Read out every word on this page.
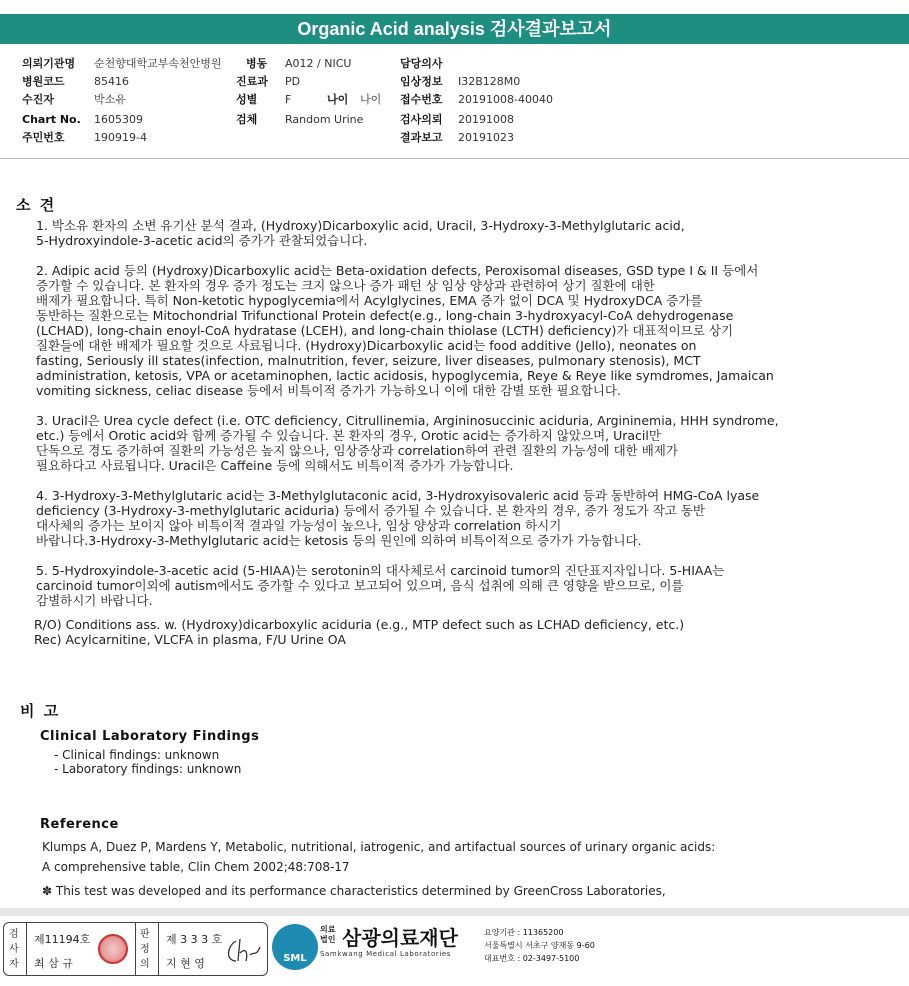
Organic Acid analysis 검사결과보고서
의뢰기관명 순천향대학교부속천안병원 병동 A012 / NICU	담당의사
병원코드	85416	진료과 PD	임상정보 I32B128M0
수진자	박소유	성별	F	나이 나이 접수번호 20191008-40040
Chart No. 1605309	검체	Random Urine	검사의뢰 20191008
주민번호	190919-4	결과보고 20191023
소 견

1. 박소유 환자의 소변 유기산 분석 결과, (Hydroxy)Dicarboxylic acid, Uracil, 3-Hydroxy-3-Methylglutaric acid,
5-Hydroxyindole-3-acetic acid의 증가가 관찰되었습니다.

2. Adipic acid 등의 (Hydroxy)Dicarboxylic acid는 Beta-oxidation defects, Peroxisomal diseases, GSD type I & II 등에서
증가할 수 있습니다. 본 환자의 경우 증가 정도는 크지 않으나 증가 패턴 상 임상 양상과 관련하여 상기 질환에 대한
배제가 필요합니다. 특히 Non-ketotic hypoglycemia에서 Acylglycines, EMA 증가 없이 DCA 및 HydroxyDCA 증가를
동반하는 질환으로는 Mitochondrial Trifunctional Protein defect(e.g., long-chain 3-hydroxyacyl-CoA dehydrogenase
(LCHAD), long-chain enoyl-CoA hydratase (LCEH), and long-chain thiolase (LCTH) deficiency)가 대표적이므로 상기
질환들에 대한 배제가 필요할 것으로 사료됩니다. (Hydroxy)Dicarboxylic acid는 food additive (Jello), neonates on
fasting, Seriously ill states(infection, malnutrition, fever, seizure, liver diseases, pulmonary stenosis), MCT
administration, ketosis, VPA or acetaminophen, lactic acidosis, hypoglycemia, Reye & Reye like symdromes, Jamaican
vomiting sickness, celiac disease 등에서 비특이적 증가가 가능하오니 이에 대한 감별 또한 필요합니다.

3. Uracil은 Urea cycle defect (i.e. OTC deficiency, Citrullinemia, Argininosuccinic aciduria, Argininemia, HHH syndrome,
etc.) 등에서 Orotic acid와 함께 증가될 수 있습니다. 본 환자의 경우, Orotic acid는 증가하지 않았으며, Uracil만
단독으로 경도 증가하여 질환의 가능성은 높지 않으나, 임상증상과 correlation하여 관련 질환의 가능성에 대한 배제가
필요하다고 사료됩니다. Uracil은 Caffeine 등에 의해서도 비특이적 증가가 가능합니다.

4. 3-Hydroxy-3-Methylglutaric acid는 3-Methylglutaconic acid, 3-Hydroxyisovaleric acid 등과 동반하여 HMG-CoA lyase
deficiency (3-Hydroxy-3-methylglutaric aciduria) 등에서 증가될 수 있습니다. 본 환자의 경우, 증가 정도가 작고 동반
대사체의 증가는 보이지 않아 비특이적 결과일 가능성이 높으나, 임상 양상과 correlation 하시기
바랍니다.3-Hydroxy-3-Methylglutaric acid는 ketosis 등의 원인에 의하여 비특이적으로 증가가 가능합니다.

5. 5-Hydroxyindole-3-acetic acid (5-HIAA)는 serotonin의 대사체로서 carcinoid tumor의 진단표지자입니다. 5-HIAA는
carcinoid tumor이외에 autism에서도 증가할 수 있다고 보고되어 있으며, 음식 섭취에 의해 큰 영향을 받으므로, 이를
감별하시기 바랍니다.

R/O) Conditions ass. w. (Hydroxy)dicarboxylic aciduria (e.g., MTP defect such as LCHAD deficiency, etc.)
Rec) Acylcarnitine, VLCFA in plasma, F/U Urine OA
비 고
Clinical Laboratory Findings
- Clinical findings: unknown
- Laboratory findings: unknown
Reference
Klumps A, Duez P, Mardens Y, Metabolic, nutritional, iatrogenic, and artifactual sources of urinary organic acids:
A comprehensive table, Clin Chem 2002;48:708-17
✽ This test was developed and its performance characteristics determined by GreenCross Laboratories,
검사자
제11194호
최 삼 규
판정의
제 3 3 3 호
지 현 영	SML
의료
법인 삼광의료재단
Samkwang Medical Laboratories
요양기관 : 11365200
서울특별시 서초구 양재동 9-60
대표번호 : 02-3497-5100
